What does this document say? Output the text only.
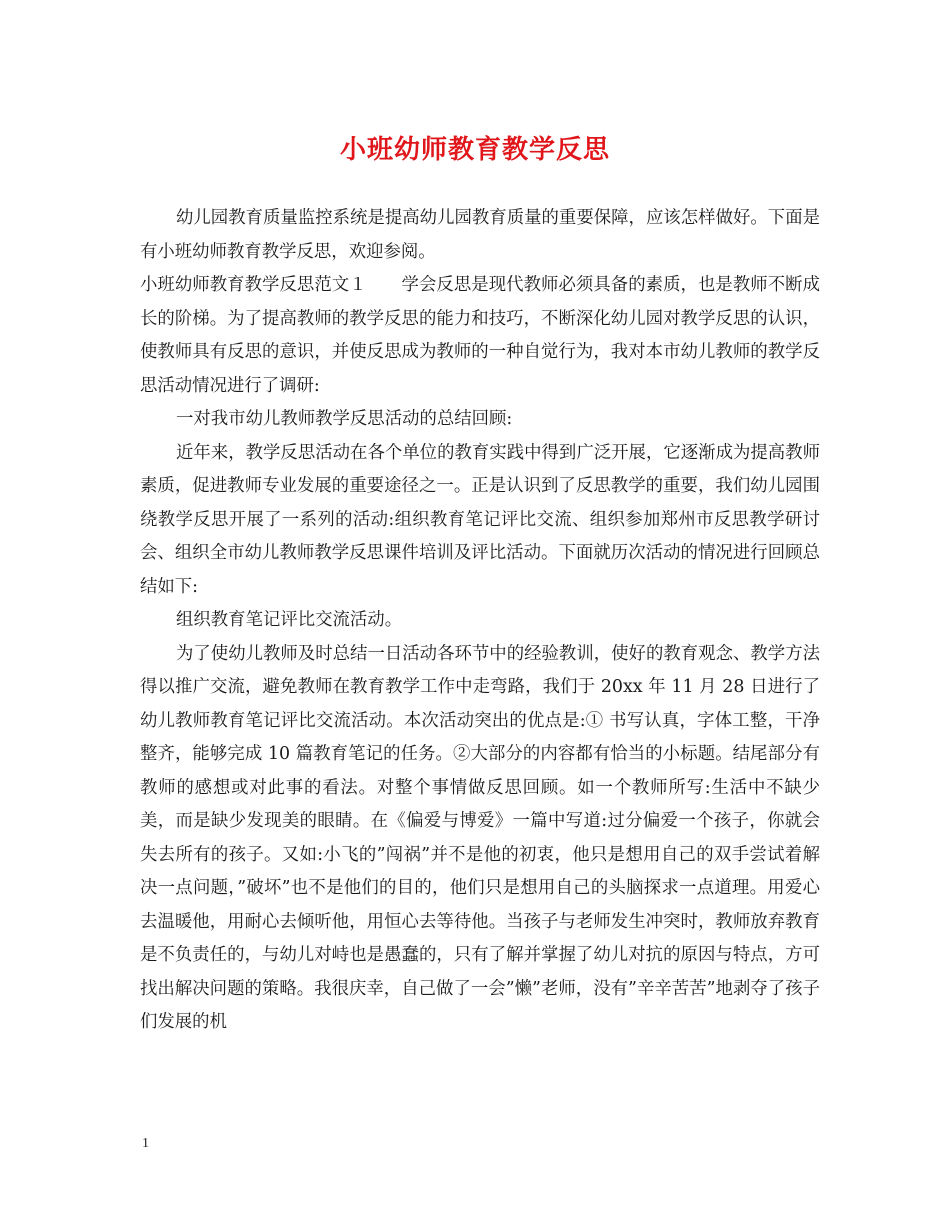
小班幼师教育教学反思

幼儿园教育质量监控系统是提高幼儿园教育质量的重要保障，应该怎样做好。下面是有小班幼师教育教学反思，欢迎参阅。

小班幼师教育教学反思范文１　　学会反思是现代教师必须具备的素质，也是教师不断成长的阶梯。为了提高教师的教学反思的能力和技巧，不断深化幼儿园对教学反思的认识，使教师具有反思的意识，并使反思成为教师的一种自觉行为，我对本市幼儿教师的教学反思活动情况进行了调研:

一对我市幼儿教师教学反思活动的总结回顾:

近年来，教学反思活动在各个单位的教育实践中得到广泛开展，它逐渐成为提高教师素质，促进教师专业发展的重要途径之一。正是认识到了反思教学的重要，我们幼儿园围绕教学反思开展了一系列的活动:组织教育笔记评比交流、组织参加郑州市反思教学研讨会、组织全市幼儿教师教学反思课件培训及评比活动。下面就历次活动的情况进行回顾总结如下:

组织教育笔记评比交流活动。

为了使幼儿教师及时总结一日活动各环节中的经验教训，使好的教育观念、教学方法得以推广交流，避免教师在教育教学工作中走弯路，我们于 20xx 年 11 月 28 日进行了幼儿教师教育笔记评比交流活动。本次活动突出的优点是:① 书写认真，字体工整，干净整齐，能够完成 10 篇教育笔记的任务。②大部分的内容都有恰当的小标题。结尾部分有教师的感想或对此事的看法。对整个事情做反思回顾。如一个教师所写:生活中不缺少美，而是缺少发现美的眼睛。在《偏爱与博爱》一篇中写道:过分偏爱一个孩子，你就会失去所有的孩子。又如:小飞的”闯祸”并不是他的初衷，他只是想用自己的双手尝试着解决一点问题，”破坏”也不是他们的目的，他们只是想用自己的头脑探求一点道理。用爱心去温暖他，用耐心去倾听他，用恒心去等待他。当孩子与老师发生冲突时，教师放弃教育是不负责任的，与幼儿对峙也是愚蠢的，只有了解并掌握了幼儿对抗的原因与特点，方可找出解决问题的策略。我很庆幸，自己做了一会”懒”老师，没有”辛辛苦苦”地剥夺了孩子们发展的机

1
